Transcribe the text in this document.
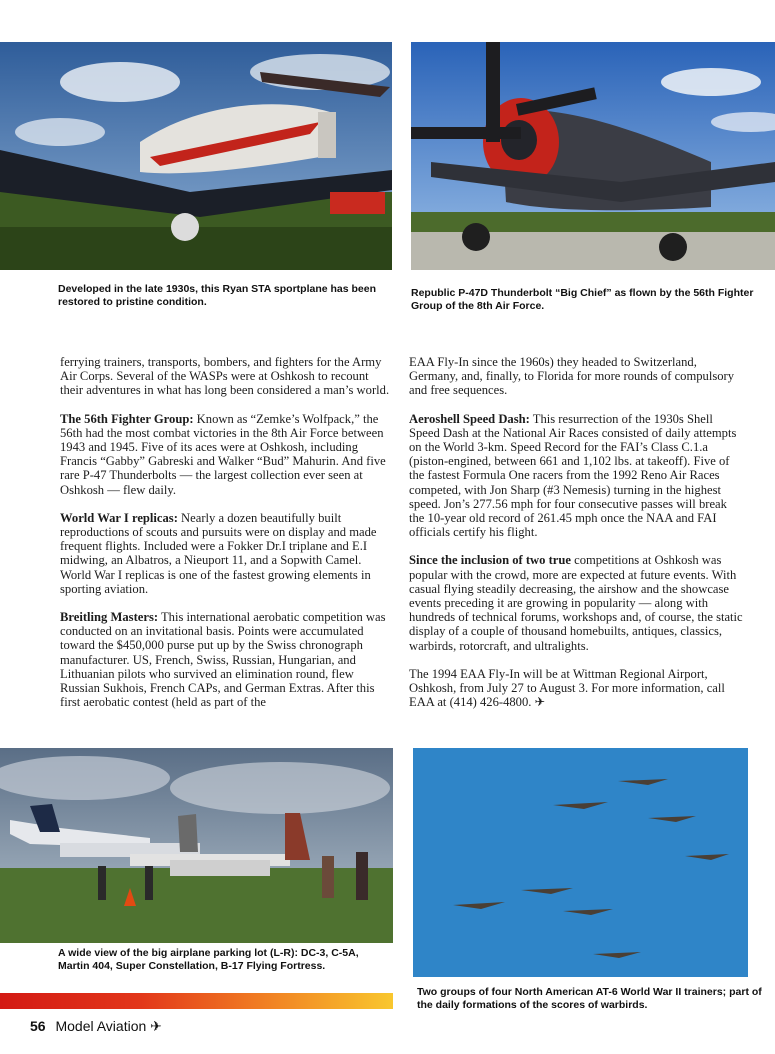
Developed in the late 1930s, this Ryan STA sportplane has been restored to pristine condition.
Republic P-47D Thunderbolt “Big Chief” as flown by the 56th Fighter Group of the 8th Air Force.

ferrying trainers, transports, bombers, and fighters for the Army Air Corps. Several of the WASPs were at Oshkosh to recount their adventures in what has long been considered a man’s world.

The 56th Fighter Group: Known as “Zemke’s Wolfpack,” the 56th had the most combat victories in the 8th Air Force between 1943 and 1945. Five of its aces were at Oshkosh, including Francis “Gabby” Gabreski and Walker “Bud” Mahurin. And five rare P-47 Thunderbolts — the largest collection ever seen at Oshkosh — flew daily.

World War I replicas: Nearly a dozen beautifully built reproductions of scouts and pursuits were on display and made frequent flights. Included were a Fokker Dr.I triplane and E.I midwing, an Albatros, a Nieuport 11, and a Sopwith Camel. World War I replicas is one of the fastest growing elements in sporting aviation.

Breitling Masters: This international aerobatic competition was conducted on an invitational basis. Points were accumulated toward the $450,000 purse put up by the Swiss chronograph manufacturer. US, French, Swiss, Russian, Hungarian, and Lithuanian pilots who survived an elimination round, flew Russian Sukhois, French CAPs, and German Extras. After this first aerobatic contest (held as part of the

EAA Fly-In since the 1960s) they headed to Switzerland, Germany, and, finally, to Florida for more rounds of compulsory and free sequences.

Aeroshell Speed Dash: This resurrection of the 1930s Shell Speed Dash at the National Air Races consisted of daily attempts on the World 3-km. Speed Record for the FAI’s Class C.1.a (piston-engined, between 661 and 1,102 lbs. at takeoff). Five of the fastest Formula One racers from the 1992 Reno Air Races competed, with Jon Sharp (#3 Nemesis) turning in the highest speed. Jon’s 277.56 mph for four consecutive passes will break the 10-year old record of 261.45 mph once the NAA and FAI officials certify his flight.

Since the inclusion of two true competitions at Oshkosh was popular with the crowd, more are expected at future events. With casual flying steadily decreasing, the airshow and the showcase events preceding it are growing in popularity — along with hundreds of technical forums, workshops and, of course, the static display of a couple of thousand homebuilts, antiques, classics, warbirds, rotorcraft, and ultralights.

The 1994 EAA Fly-In will be at Wittman Regional Airport, Oshkosh, from July 27 to August 3. For more information, call EAA at (414) 426-4800. ✈

A wide view of the big airplane parking lot (L-R): DC-3, C-5A, Martin 404, Super Constellation, B-17 Flying Fortress.
Two groups of four North American AT-6 World War II trainers; part of the daily formations of the scores of warbirds.
56 Model Aviation ✈
